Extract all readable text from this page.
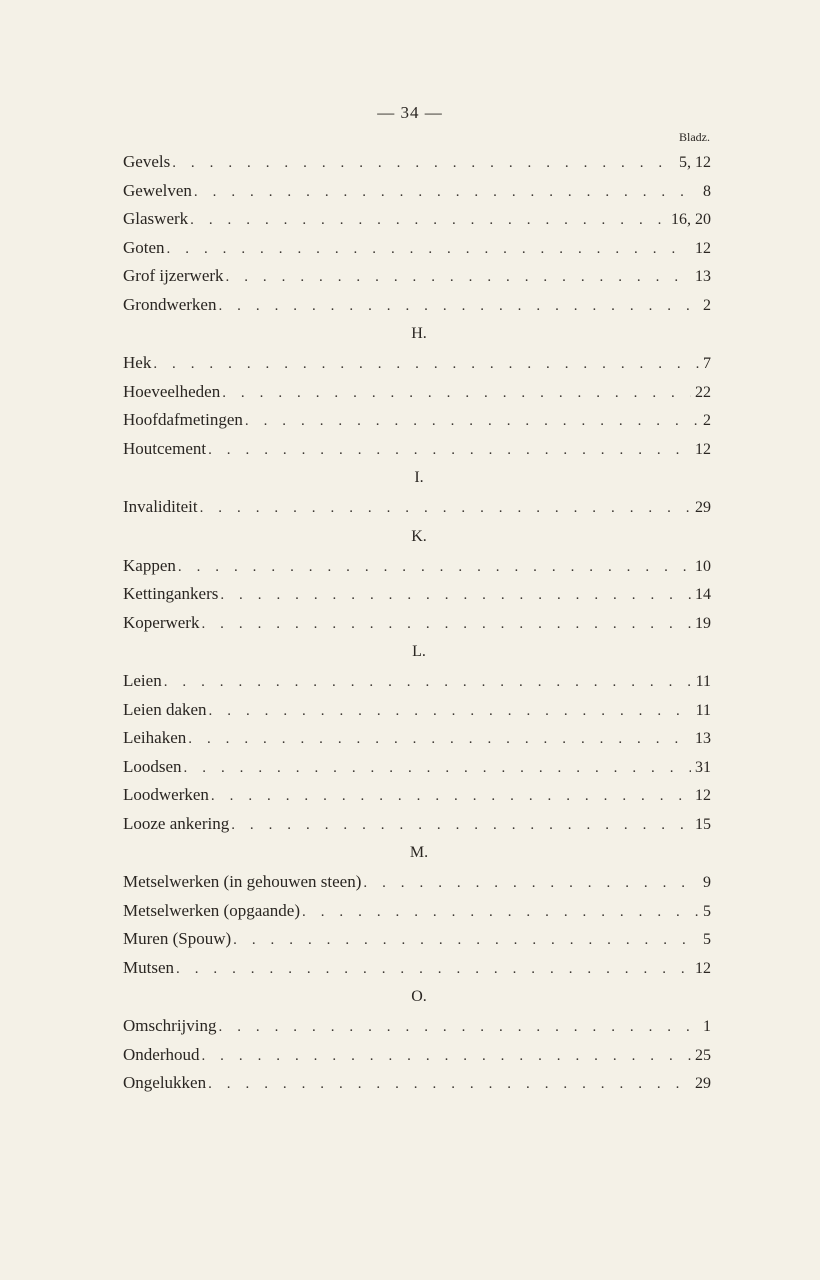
— 34 —
Bladz.
Gevels . . .	5, 12
Gewelven . . .	8
Glaswerk . . .	16, 20
Goten . . .	12
Grof ijzerwerk . . .	13
Grondwerken . . .	2
H.
Hek . . .	7
Hoeveelheden . . .	22
Hoofdafmetingen . . .	2
Houtcement . . .	12
I.
Invaliditeit . . .	29
K.
Kappen . . .	10
Kettingankers . . .	14
Koperwerk . . .	19
L.
Leien . . .	11
Leien daken . . .	11
Leihaken . . .	13
Loodsen . . .	31
Loodwerken . . .	12
Looze ankering . . .	15
M.
Metselwerken (in gehouwen steen) . . .	9
Metselwerken (opgaande) . . .	5
Muren (Spouw) . . .	5
Mutsen . . .	12
O.
Omschrijving . . .	1
Onderhoud . . .	25
Ongelukken . . .	29
